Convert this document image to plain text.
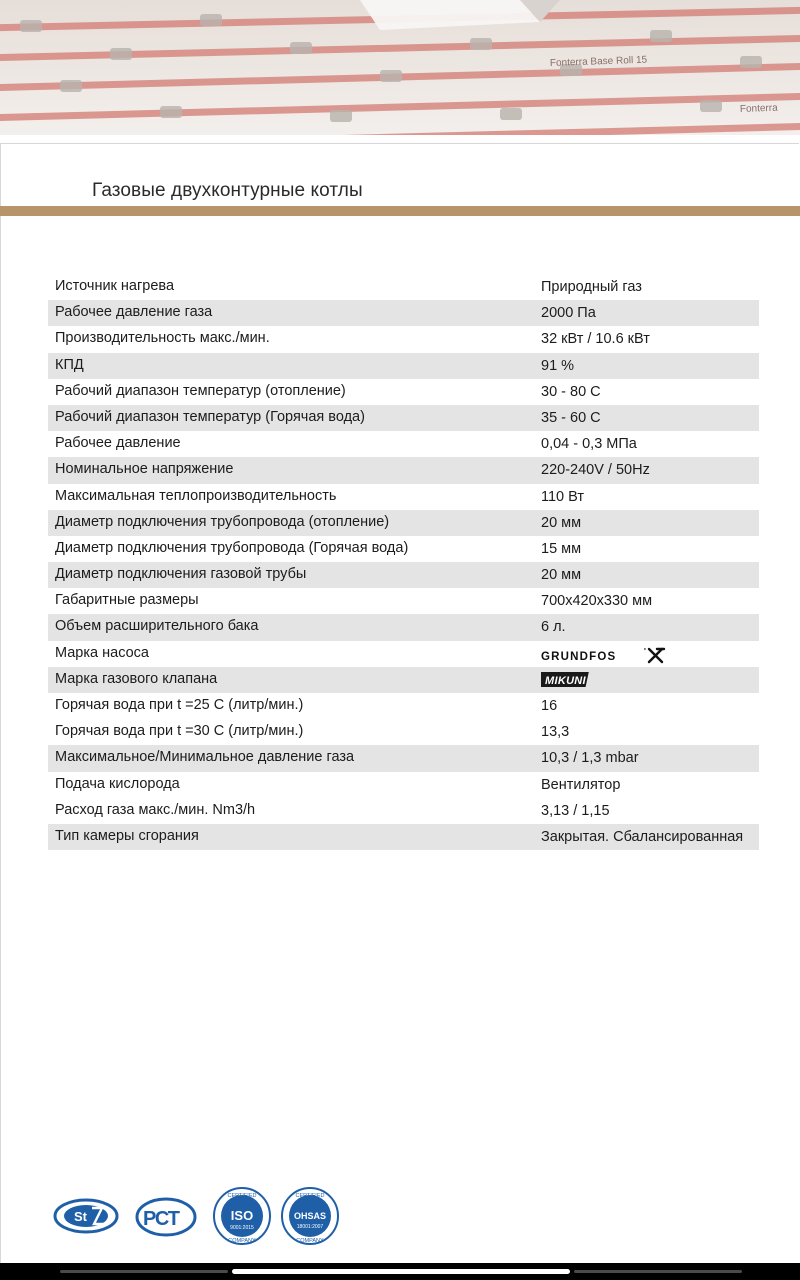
Fonterra Base Roll 15
Fonterra
Газовые двухконтурные котлы
Источник нагрева	Природный газ
Рабочее давление газа	2000 Па
Производительность макс./мин.	32 кВт / 10.6 кВт
КПД	91 %
Рабочий диапазон температур (отопление)	30 - 80 С
Рабочий диапазон температур (Горячая вода)	35 - 60 С
Рабочее давление	0,04 - 0,3 МПа
Номинальное напряжение	220-240V / 50Hz
Максимальная теплопроизводительность	110 Вт
Диаметр подключения трубопровода (отопление)	20 мм
Диаметр подключения трубопровода (Горячая вода)	15 мм
Диаметр подключения газовой трубы	20 мм
Габаритные размеры	700x420x330 мм
Объем расширительного бака	6 л.
Марка насоса	GRUNDFOS	'
Марка газового клапана	MIKUNI
Горячая вода при t =25 С (литр/мин.)	16
Горячая вода при t =30 С (литр/мин.)	13,3
Максимальное/Минимальное давление газа	10,3 / 1,3 mbar
Подача кислорода	Вентилятор
Расход газа макс./мин. Nm3/h	3,13 / 1,15
Тип камеры сгорания	Закрытая. Сбалансированная
St	РСТ
CERTIFIED
ISO
9001:2015
COMPANY
CERTIFIED
OHSAS
18001:2007
COMPANY
